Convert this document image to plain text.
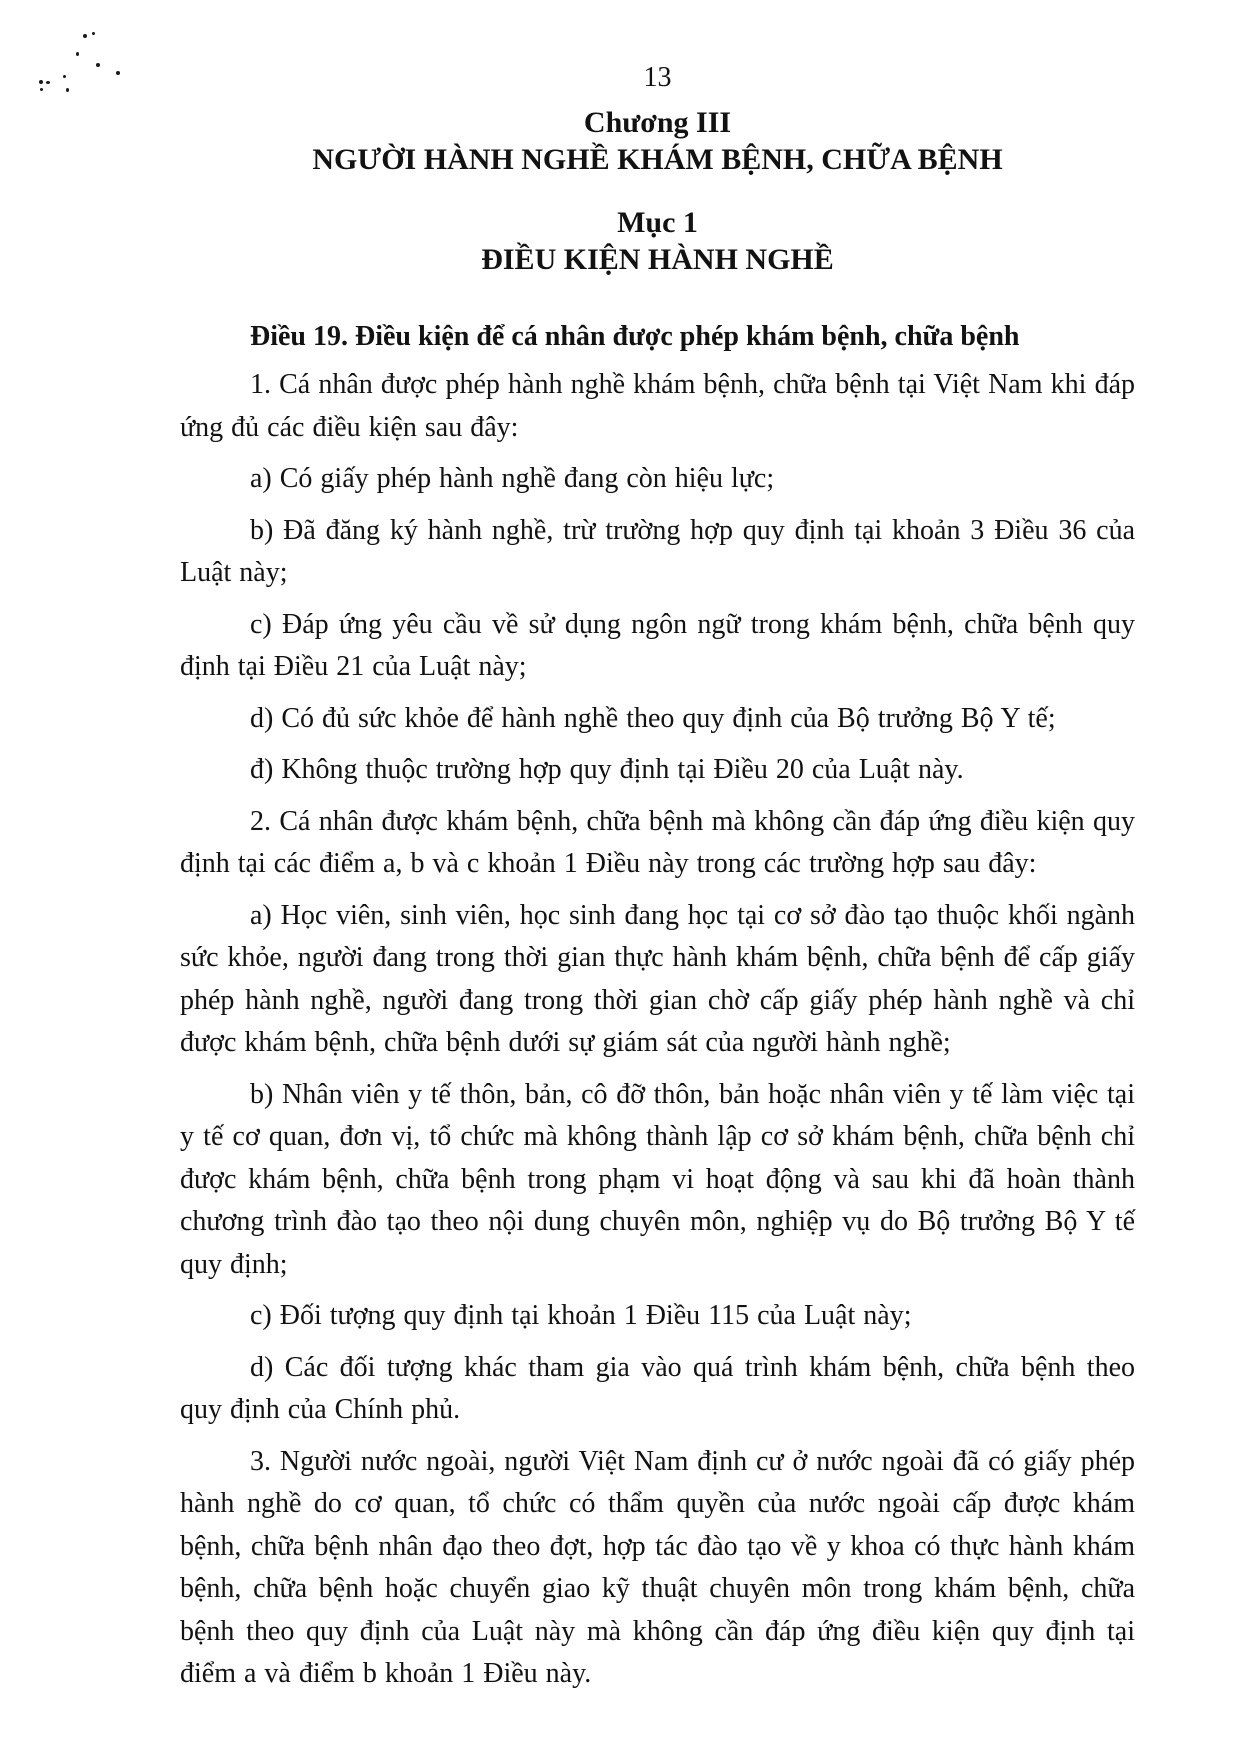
13
Chương III
NGƯỜI HÀNH NGHỀ KHÁM BỆNH, CHỮA BỆNH
Mục 1
ĐIỀU KIỆN HÀNH NGHỀ
Điều 19. Điều kiện để cá nhân được phép khám bệnh, chữa bệnh

1. Cá nhân được phép hành nghề khám bệnh, chữa bệnh tại Việt Nam khi đáp ứng đủ các điều kiện sau đây:

a) Có giấy phép hành nghề đang còn hiệu lực;

b) Đã đăng ký hành nghề, trừ trường hợp quy định tại khoản 3 Điều 36 của Luật này;

c) Đáp ứng yêu cầu về sử dụng ngôn ngữ trong khám bệnh, chữa bệnh quy định tại Điều 21 của Luật này;

d) Có đủ sức khỏe để hành nghề theo quy định của Bộ trưởng Bộ Y tế;

đ) Không thuộc trường hợp quy định tại Điều 20 của Luật này.

2. Cá nhân được khám bệnh, chữa bệnh mà không cần đáp ứng điều kiện quy định tại các điểm a, b và c khoản 1 Điều này trong các trường hợp sau đây:

a) Học viên, sinh viên, học sinh đang học tại cơ sở đào tạo thuộc khối ngành sức khỏe, người đang trong thời gian thực hành khám bệnh, chữa bệnh để cấp giấy phép hành nghề, người đang trong thời gian chờ cấp giấy phép hành nghề và chỉ được khám bệnh, chữa bệnh dưới sự giám sát của người hành nghề;

b) Nhân viên y tế thôn, bản, cô đỡ thôn, bản hoặc nhân viên y tế làm việc tại y tế cơ quan, đơn vị, tổ chức mà không thành lập cơ sở khám bệnh, chữa bệnh chỉ được khám bệnh, chữa bệnh trong phạm vi hoạt động và sau khi đã hoàn thành chương trình đào tạo theo nội dung chuyên môn, nghiệp vụ do Bộ trưởng Bộ Y tế quy định;

c) Đối tượng quy định tại khoản 1 Điều 115 của Luật này;

d) Các đối tượng khác tham gia vào quá trình khám bệnh, chữa bệnh theo quy định của Chính phủ.

3. Người nước ngoài, người Việt Nam định cư ở nước ngoài đã có giấy phép hành nghề do cơ quan, tổ chức có thẩm quyền của nước ngoài cấp được khám bệnh, chữa bệnh nhân đạo theo đợt, hợp tác đào tạo về y khoa có thực hành khám bệnh, chữa bệnh hoặc chuyển giao kỹ thuật chuyên môn trong khám bệnh, chữa bệnh theo quy định của Luật này mà không cần đáp ứng điều kiện quy định tại điểm a và điểm b khoản 1 Điều này.
